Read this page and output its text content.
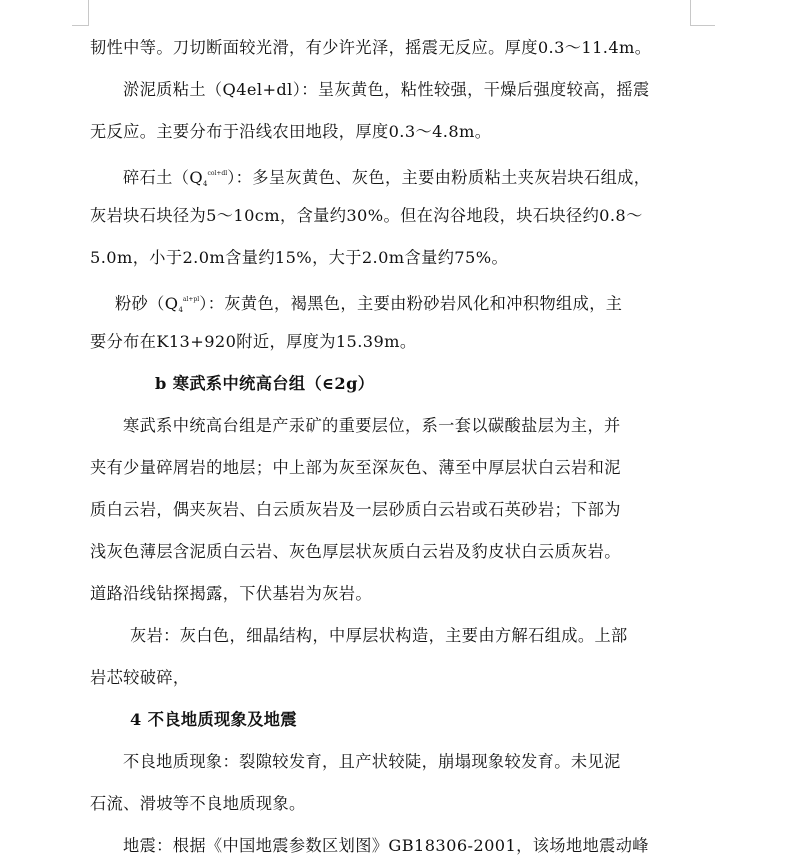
韧性中等。刀切断面较光滑，有少许光泽，摇震无反应。厚度0.3～11.4m。
淤泥质粘土（Q4el+dl）：呈灰黄色，粘性较强，干燥后强度较高，摇震
无反应。主要分布于沿线农田地段，厚度0.3～4.8m。
碎石土$(Q_4^{col+dl})$：多呈灰黄色、灰色，主要由粉质粘土夹灰岩块石组成，
灰岩块石块径为5～10cm，含量约30%。但在沟谷地段，块石块径约0.8～
5.0m，小于2.0m含量约15%，大于2.0m含量约75%。
粉砂$(Q_4^{al+pl})$：灰黄色，褐黑色，主要由粉砂岩风化和冲积物组成，主
要分布在K13+920附近，厚度为15.39m。
b 寒武系中统高台组（∈2g）
寒武系中统高台组是产汞矿的重要层位，系一套以碳酸盐层为主，并
夹有少量碎屑岩的地层；中上部为灰至深灰色、薄至中厚层状白云岩和泥
质白云岩，偶夹灰岩、白云质灰岩及一层砂质白云岩或石英砂岩；下部为
浅灰色薄层含泥质白云岩、灰色厚层状灰质白云岩及豹皮状白云质灰岩。
道路沿线钻探揭露，下伏基岩为灰岩。
灰岩：灰白色，细晶结构，中厚层状构造，主要由方解石组成。上部
岩芯较破碎，
4 不良地质现象及地震
不良地质现象：裂隙较发育，且产状较陡，崩塌现象较发育。未见泥
石流、滑坡等不良地质现象。
地震：根据《中国地震参数区划图》GB18306-2001，该场地地震动峰
